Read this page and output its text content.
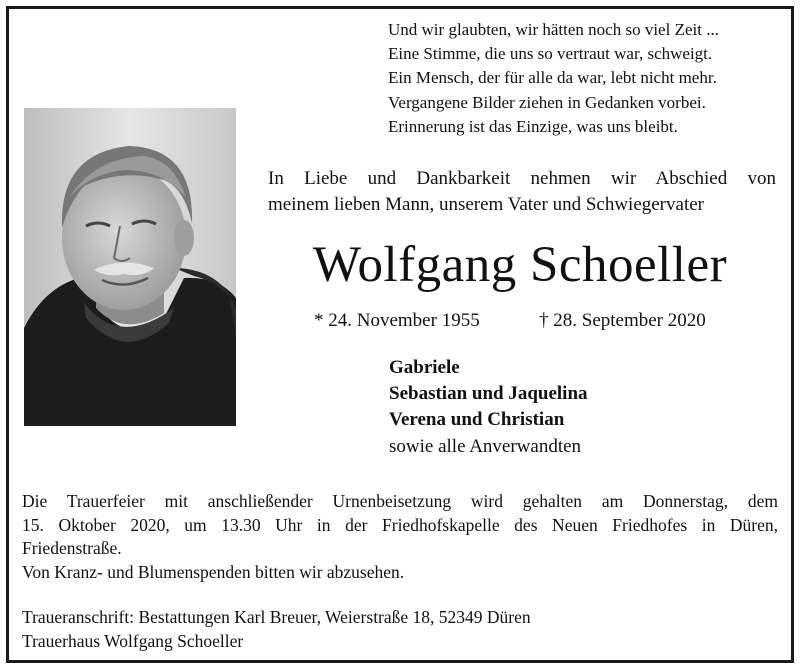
Und wir glaubten, wir hätten noch so viel Zeit ...
Eine Stimme, die uns so vertraut war, schweigt.
Ein Mensch, der für alle da war, lebt nicht mehr.
Vergangene Bilder ziehen in Gedanken vorbei.
Erinnerung ist das Einzige, was uns bleibt.
In Liebe und Dankbarkeit nehmen wir Abschied von
meinem lieben Mann, unserem Vater und Schwiegervater
Wolfgang Schoeller
* 24. November 1955	† 28. September 2020
Gabriele
Sebastian und Jaquelina
Verena und Christian
sowie alle Anverwandten
Die Trauerfeier mit anschließender Urnenbeisetzung wird gehalten am Donnerstag, dem
15. Oktober 2020, um 13.30 Uhr in der Friedhofskapelle des Neuen Friedhofes in Düren,
Friedenstraße.
Von Kranz- und Blumenspenden bitten wir abzusehen.
Traueranschrift: Bestattungen Karl Breuer, Weierstraße 18, 52349 Düren
Trauerhaus Wolfgang Schoeller
